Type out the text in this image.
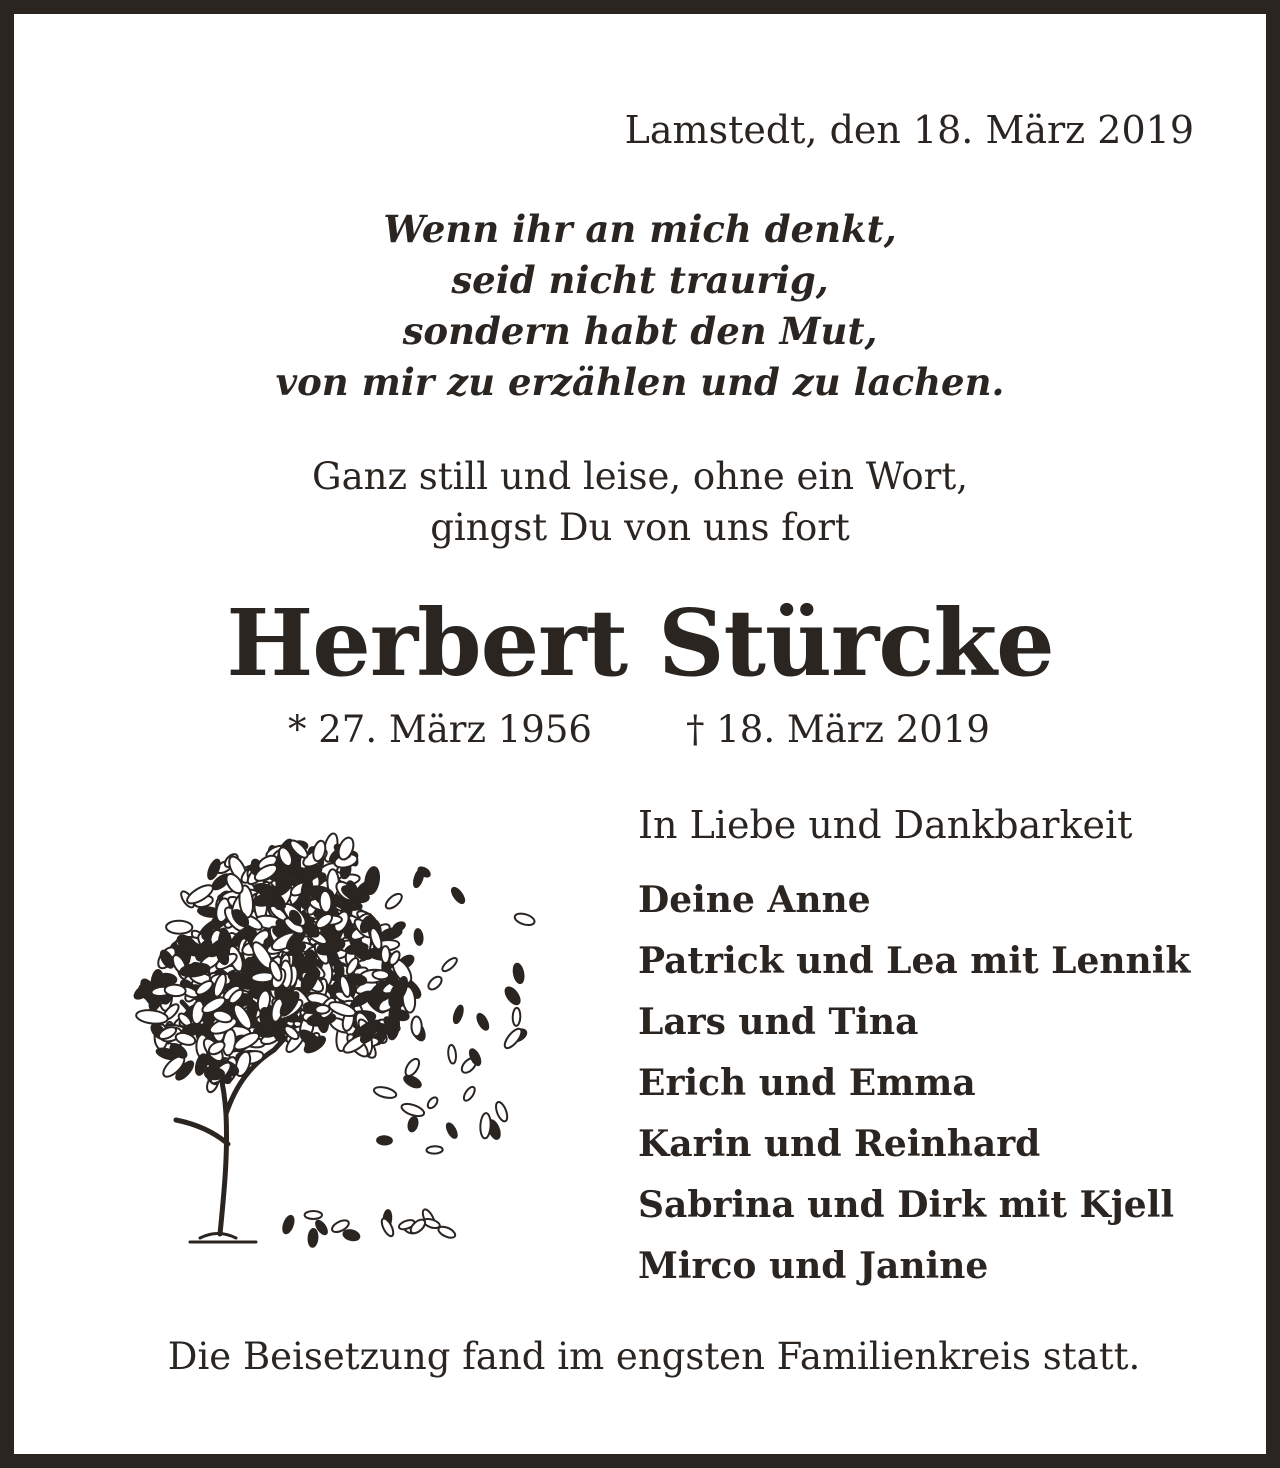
Lamstedt, den 18. März 2019

Wenn ihr an mich denkt,
seid nicht traurig,
sondern habt den Mut,
von mir zu erzählen und zu lachen.
Ganz still und leise, ohne ein Wort,
gingst Du von uns fort
Herbert Stürcke

* 27. März 1956	† 18. März 2019

In Liebe und Dankbarkeit

Deine Anne
Patrick und Lea mit Lennik
Lars und Tina
Erich und Emma
Karin und Reinhard
Sabrina und Dirk mit Kjell
Mirco und Janine

Die Beisetzung fand im engsten Familienkreis statt.
